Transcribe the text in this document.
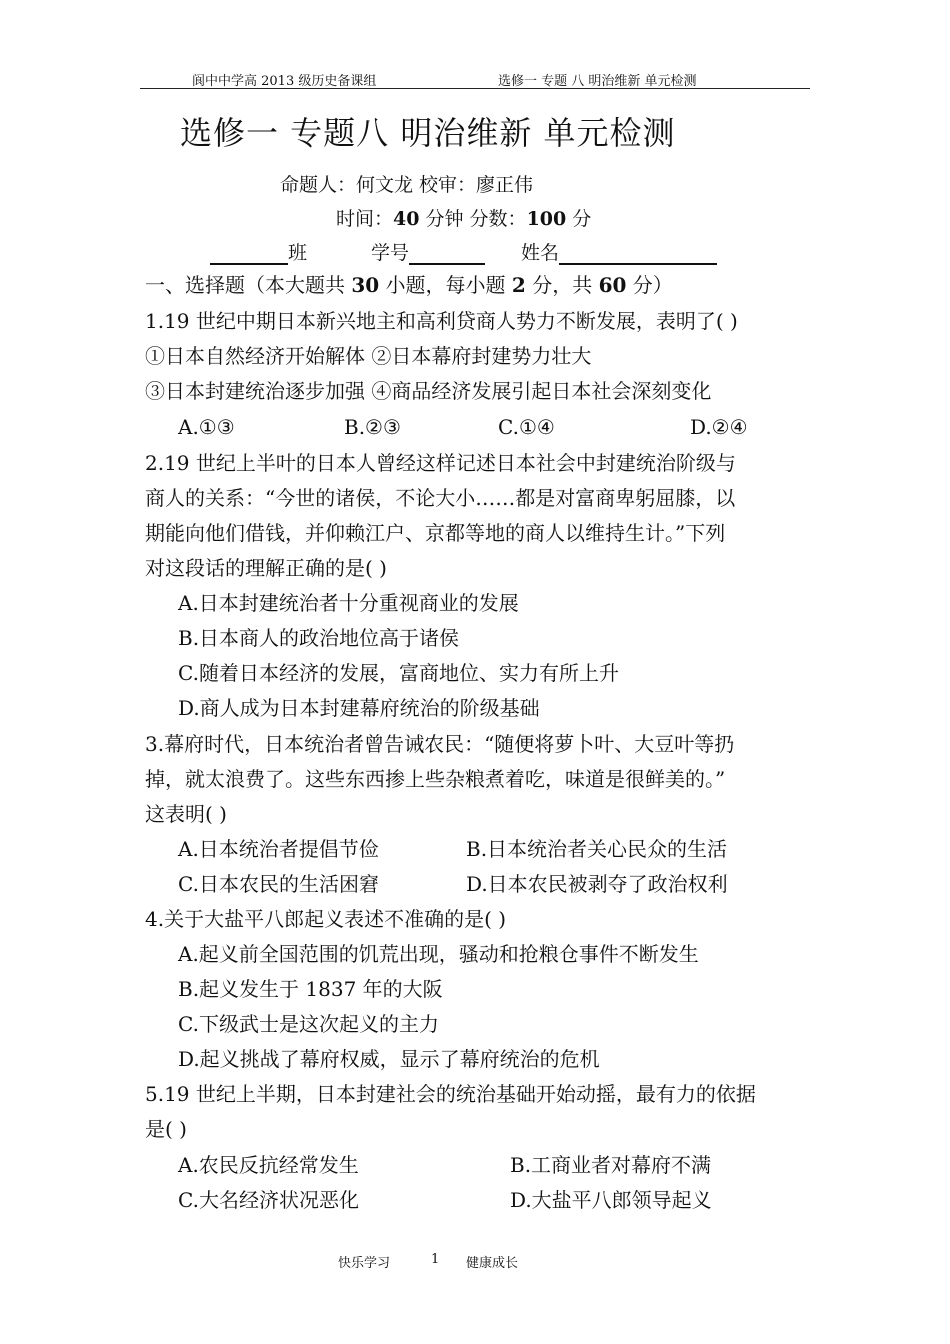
阆中中学高 2013 级历史备课组	选修一 专题 八 明治维新 单元检测
选修一 专题八 明治维新 单元检测
命题人：何文龙 校审：廖正伟
时间：40 分钟 分数：100 分
班	学号	姓名
一、选择题（本大题共 30 小题，每小题 2 分，共 60 分）
1.19 世纪中期日本新兴地主和高利贷商人势力不断发展，表明了( )
①日本自然经济开始解体 ②日本幕府封建势力壮大
③日本封建统治逐步加强 ④商品经济发展引起日本社会深刻变化
A.①③	B.②③	C.①④	D.②④
2.19 世纪上半叶的日本人曾经这样记述日本社会中封建统治阶级与
商人的关系：“今世的诸侯，不论大小……都是对富商卑躬屈膝，以
期能向他们借钱，并仰赖江户、京都等地的商人以维持生计。”下列
对这段话的理解正确的是( )
A.日本封建统治者十分重视商业的发展
B.日本商人的政治地位高于诸侯
C.随着日本经济的发展，富商地位、实力有所上升
D.商人成为日本封建幕府统治的阶级基础
3.幕府时代，日本统治者曾告诫农民：“随便将萝卜叶、大豆叶等扔
掉，就太浪费了。这些东西掺上些杂粮煮着吃，味道是很鲜美的。”
这表明( )
A.日本统治者提倡节俭	B.日本统治者关心民众的生活
C.日本农民的生活困窘	D.日本农民被剥夺了政治权利
4.关于大盐平八郎起义表述不准确的是( )
A.起义前全国范围的饥荒出现，骚动和抢粮仓事件不断发生
B.起义发生于 1837 年的大阪
C.下级武士是这次起义的主力
D.起义挑战了幕府权威，显示了幕府统治的危机
5.19 世纪上半期，日本封建社会的统治基础开始动摇，最有力的依据
是( )
A.农民反抗经常发生	B.工商业者对幕府不满
C.大名经济状况恶化	D.大盐平八郎领导起义
快乐学习	1 健康成长
